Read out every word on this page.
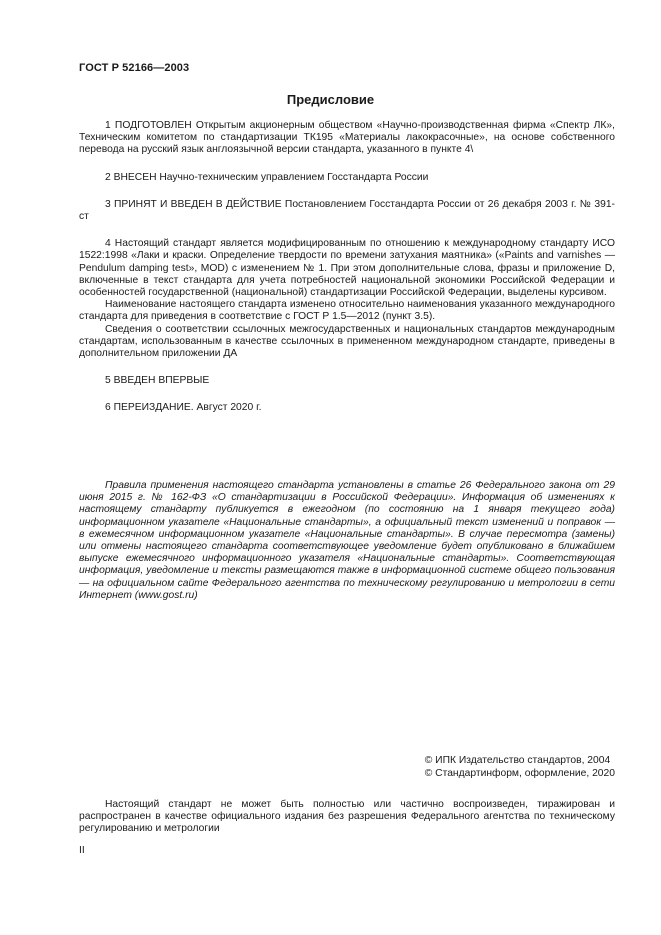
ГОСТ Р 52166—2003
Предисловие

1 ПОДГОТОВЛЕН Открытым акционерным обществом «Научно-производственная фирма «Спектр ЛК», Техническим комитетом по стандартизации ТК195 «Материалы лакокрасочные», на основе собственного перевода на русский язык англоязычной версии стандарта, указанного в пункте 4\

2 ВНЕСЕН Научно-техническим управлением Госстандарта России

3 ПРИНЯТ И ВВЕДЕН В ДЕЙСТВИЕ Постановлением Госстандарта России от 26 декабря 2003 г. № 391-ст

4 Настоящий стандарт является модифицированным по отношению к международному стандарту ИСО 1522:1998 «Лаки и краски. Определение твердости по времени затухания маятника» («Paints and varnishes — Pendulum damping test», MOD) с изменением № 1. При этом дополнительные слова, фразы и приложение D, включенные в текст стандарта для учета потребностей национальной экономики Российской Федерации и особенностей государственной (национальной) стандартизации Российской Федерации, выделены курсивом.

Наименование настоящего стандарта изменено относительно наименования указанного международного стандарта для приведения в соответствие с ГОСТ Р 1.5—2012 (пункт 3.5).

Сведения о соответствии ссылочных межгосударственных и национальных стандартов международным стандартам, использованным в качестве ссылочных в примененном международном стандарте, приведены в дополнительном приложении ДА

5 ВВЕДЕН ВПЕРВЫЕ

6 ПЕРЕИЗДАНИЕ. Август 2020 г.

Правила применения настоящего стандарта установлены в статье 26 Федерального закона от 29 июня 2015 г. № 162-ФЗ «О стандартизации в Российской Федерации». Информация об изменениях к настоящему стандарту публикуется в ежегодном (по состоянию на 1 января текущего года) информационном указателе «Национальные стандарты», а официальный текст изменений и поправок — в ежемесячном информационном указателе «Национальные стандарты». В случае пересмотра (замены) или отмены настоящего стандарта соответствующее уведомление будет опубликовано в ближайшем выпуске ежемесячного информационного указателя «Национальные стандарты». Соответствующая информация, уведомление и тексты размещаются также в информационной системе общего пользования — на официальном сайте Федерального агентства по техническому регулированию и метрологии в сети Интернет (www.gost.ru)

© ИПК Издательство стандартов, 2004
© Стандартинформ, оформление, 2020

Настоящий стандарт не может быть полностью или частично воспроизведен, тиражирован и распространен в качестве официального издания без разрешения Федерального агентства по техническому регулированию и метрологии

II
